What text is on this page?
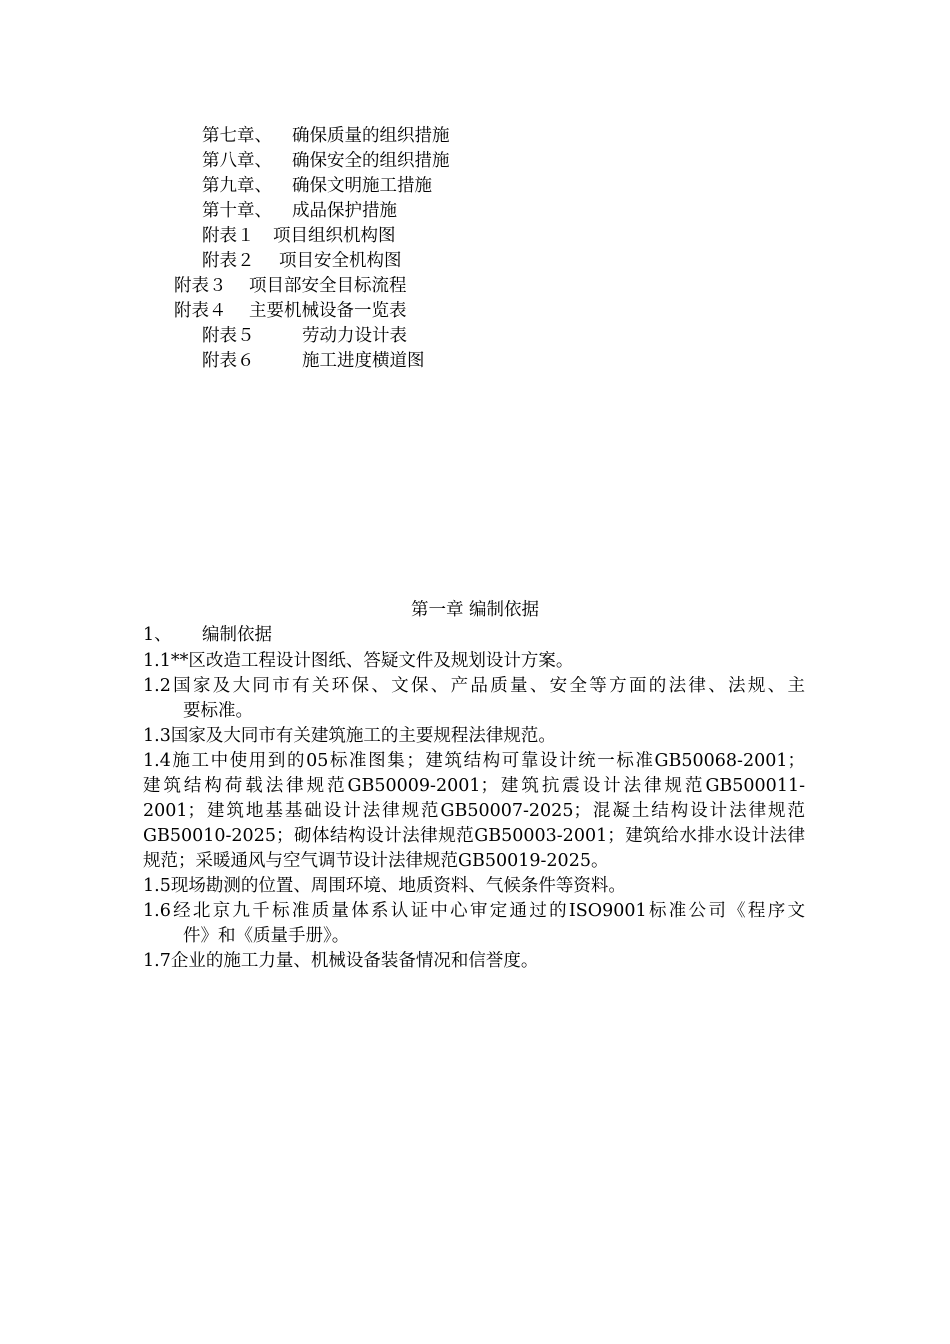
第七章、 确保质量的组织措施
第八章、 确保安全的组织措施
第九章、 确保文明施工措施
第十章、 成品保护措施
附表１ 项目组织机构图
附表２ 项目安全机构图
附表３ 项目部安全目标流程
附表４ 主要机械设备一览表
附表５	劳动力设计表
附表６	施工进度横道图
第一章 编制依据
1、 编制依据
1.1**区改造工程设计图纸、答疑文件及规划设计方案。
1.2国家及大同市有关环保、文保、产品质量、安全等方面的法律、法规、主
要标准。
1.3国家及大同市有关建筑施工的主要规程法律规范。
1.4施工中使用到的05标准图集；建筑结构可靠设计统一标准GB50068-2001；
建筑结构荷载法律规范GB50009-2001；建筑抗震设计法律规范GB500011-
2001；建筑地基基础设计法律规范GB50007-2025；混凝土结构设计法律规范
GB50010-2025；砌体结构设计法律规范GB50003-2001；建筑给水排水设计法律
规范；采暖通风与空气调节设计法律规范GB50019-2025。
1.5现场勘测的位置、周围环境、地质资料、气候条件等资料。
1.6经北京九千标准质量体系认证中心审定通过的ISO9001标准公司《程序文
件》和《质量手册》。
1.7企业的施工力量、机械设备装备情况和信誉度。
